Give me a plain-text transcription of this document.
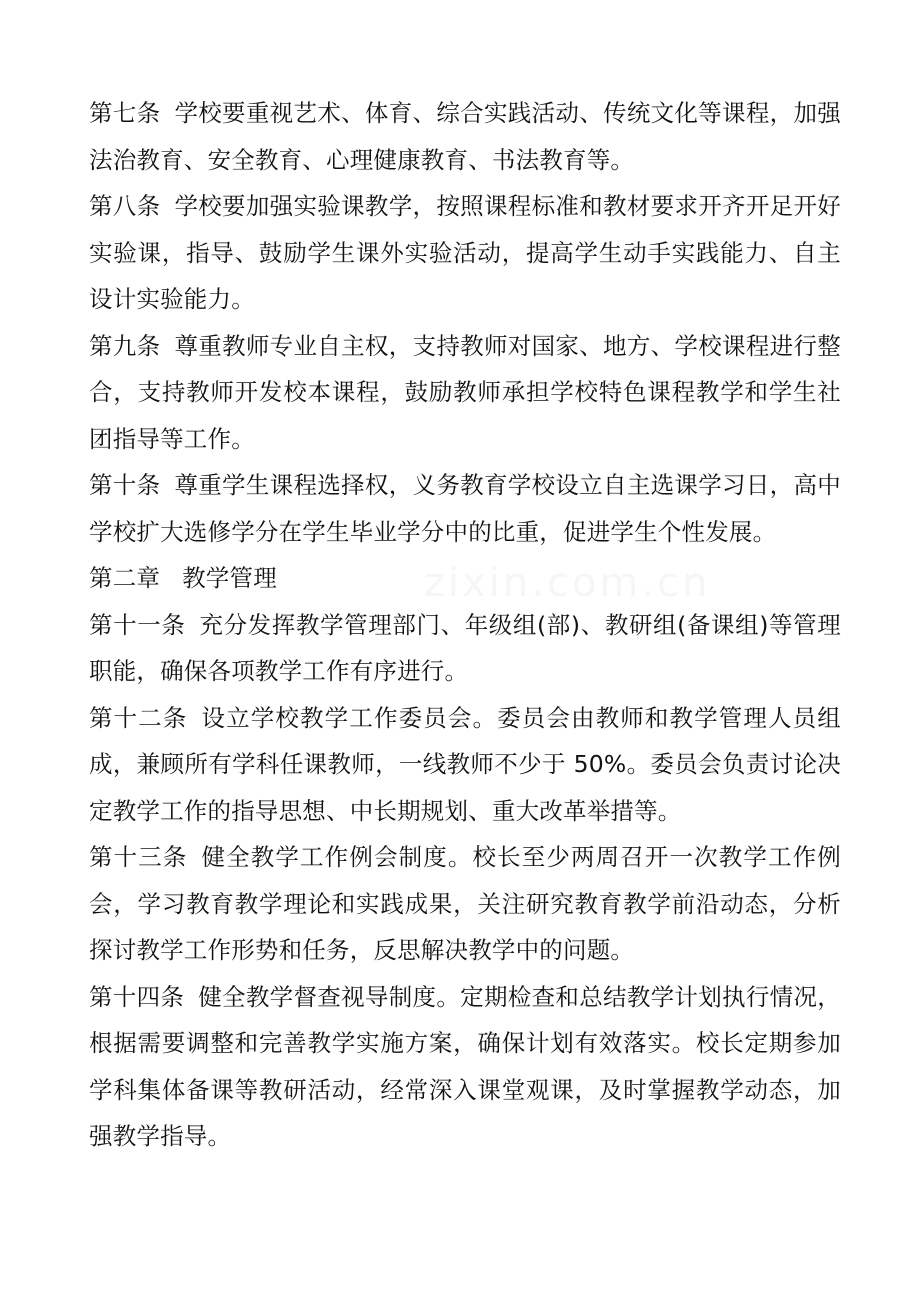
zixin.com.cn

第七条 学校要重视艺术、体育、综合实践活动、传统文化等课程，加强法治教育、安全教育、心理健康教育、书法教育等。

第八条 学校要加强实验课教学，按照课程标准和教材要求开齐开足开好实验课，指导、鼓励学生课外实验活动，提高学生动手实践能力、自主设计实验能力。

第九条 尊重教师专业自主权，支持教师对国家、地方、学校课程进行整合，支持教师开发校本课程，鼓励教师承担学校特色课程教学和学生社团指导等工作。

第十条 尊重学生课程选择权，义务教育学校设立自主选课学习日，高中学校扩大选修学分在学生毕业学分中的比重，促进学生个性发展。

第二章 教学管理

第十一条 充分发挥教学管理部门、年级组(部)、教研组(备课组)等管理职能，确保各项教学工作有序进行。

第十二条 设立学校教学工作委员会。委员会由教师和教学管理人员组成，兼顾所有学科任课教师，一线教师不少于 50%。委员会负责讨论决定教学工作的指导思想、中长期规划、重大改革举措等。

第十三条 健全教学工作例会制度。校长至少两周召开一次教学工作例会，学习教育教学理论和实践成果，关注研究教育教学前沿动态，分析探讨教学工作形势和任务，反思解决教学中的问题。

第十四条 健全教学督查视导制度。定期检查和总结教学计划执行情况，根据需要调整和完善教学实施方案，确保计划有效落实。校长定期参加学科集体备课等教研活动，经常深入课堂观课，及时掌握教学动态，加强教学指导。
